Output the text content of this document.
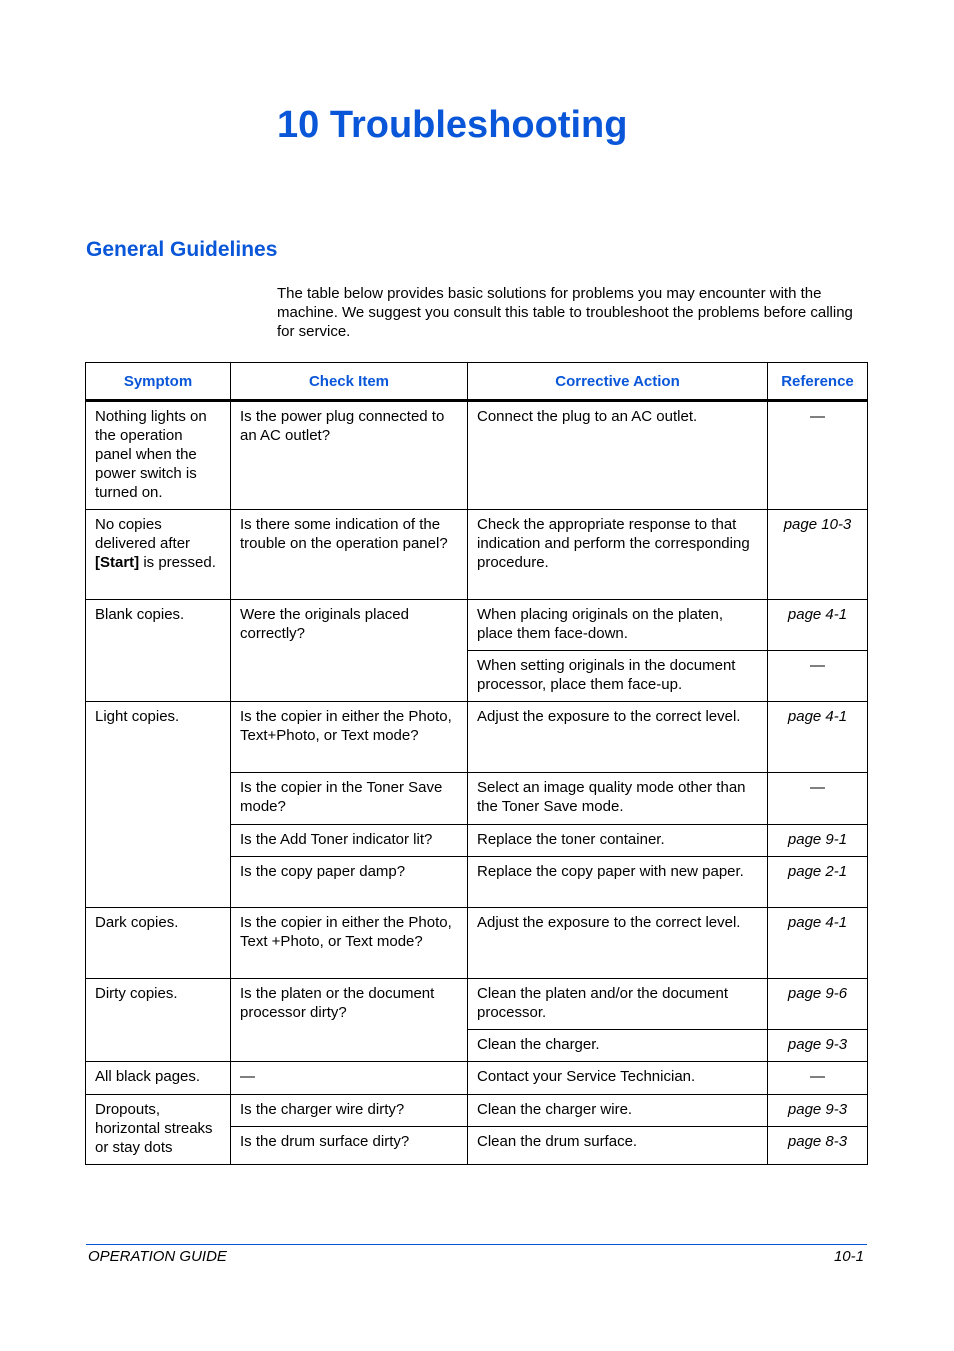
10 Troubleshooting
General Guidelines

The table below provides basic solutions for problems you may encounter with the machine. We suggest you consult this table to troubleshoot the problems before calling for service.

Symptom	Check Item	Corrective Action	Reference
Nothing lights on the operation panel when the power switch is turned on.	Is the power plug connected to an AC outlet?	Connect the plug to an AC outlet.	—
No copies delivered after [Start] is pressed.	Is there some indication of the trouble on the operation panel?	Check the appropriate response to that indication and perform the corresponding procedure.	page 10-3
Blank copies.	Were the originals placed correctly?	When placing originals on the platen, place them face-down.	page 4-1
		When setting originals in the document processor, place them face-up.	—
Light copies.	Is the copier in either the Photo, Text+Photo, or Text mode?	Adjust the exposure to the correct level.	page 4-1
	Is the copier in the Toner Save mode?	Select an image quality mode other than the Toner Save mode.	—
	Is the Add Toner indicator lit?	Replace the toner container.	page 9-1
	Is the copy paper damp?	Replace the copy paper with new paper.	page 2-1
Dark copies.	Is the copier in either the Photo, Text +Photo, or Text mode?	Adjust the exposure to the correct level.	page 4-1
Dirty copies.	Is the platen or the document processor dirty?	Clean the platen and/or the document processor.	page 9-6
		Clean the charger.	page 9-3
All black pages.	—	Contact your Service Technician.	—
Dropouts, horizontal streaks or stay dots	Is the charger wire dirty?	Clean the charger wire.	page 9-3
	Is the drum surface dirty?	Clean the drum surface.	page 8-3
OPERATION GUIDE	10-1
